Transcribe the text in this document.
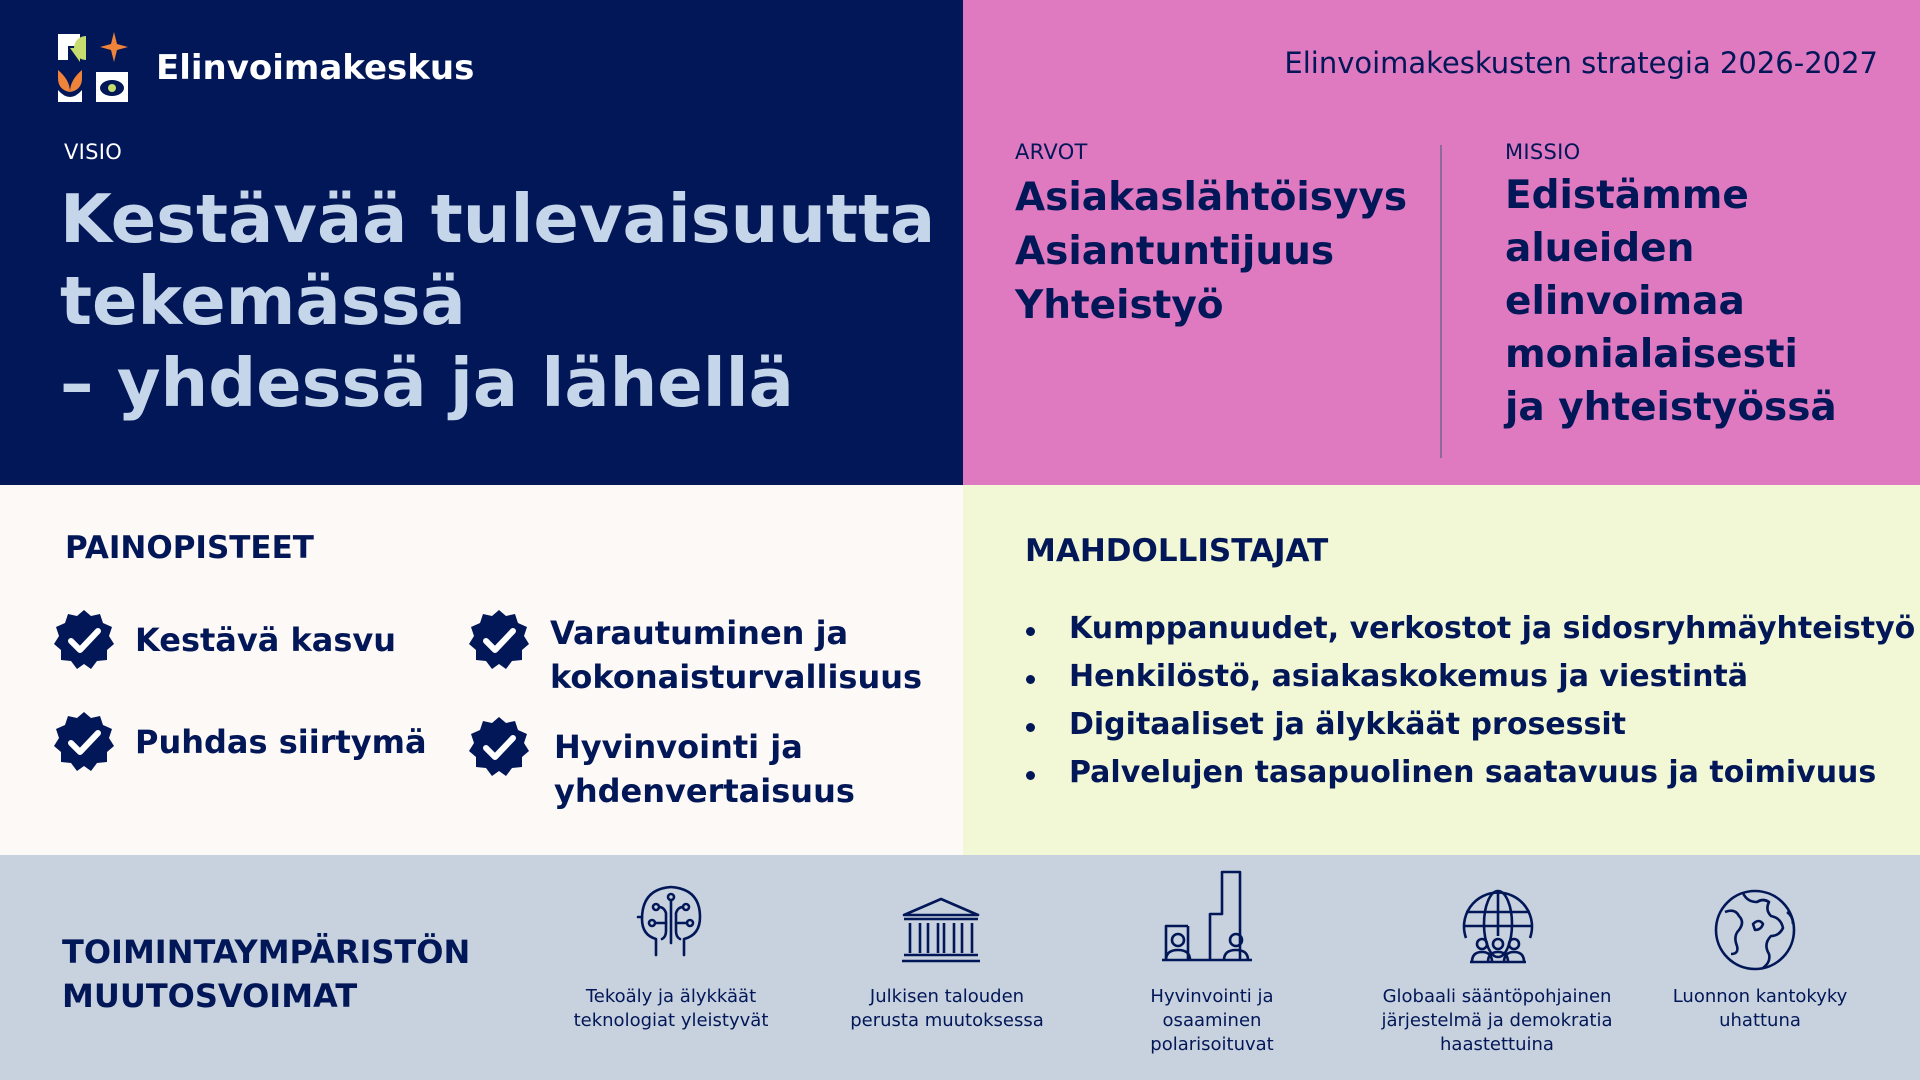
Elinvoimakeskus
VISIO
Kestävää tulevaisuutta
tekemässä
– yhdessä ja lähellä
Elinvoimakeskusten strategia 2026-2027
ARVOT
Asiakaslähtöisyys
Asiantuntijuus
Yhteistyö
MISSIO
Edistämme
alueiden
elinvoimaa
monialaisesti
ja yhteistyössä
PAINOPISTEET
Kestävä kasvu
Puhdas siirtymä
Varautuminen ja
kokonaisturvallisuus
Hyvinvointi ja
yhdenvertaisuus
MAHDOLLISTAJAT
Kumppanuudet, verkostot ja sidosryhmäyhteistyö
Henkilöstö, asiakaskokemus ja viestintä
Digitaaliset ja älykkäät prosessit
Palvelujen tasapuolinen saatavuus ja toimivuus
TOIMINTAYMPÄRISTÖN
MUUTOSVOIMAT	Tekoäly ja älykkäät
teknologiat yleistyvät
Julkisen talouden
perusta muutoksessa
Hyvinvointi ja
osaaminen
polarisoituvat
Globaali sääntöpohjainen
järjestelmä ja demokratia
haastettuina
Luonnon kantokyky
uhattuna
